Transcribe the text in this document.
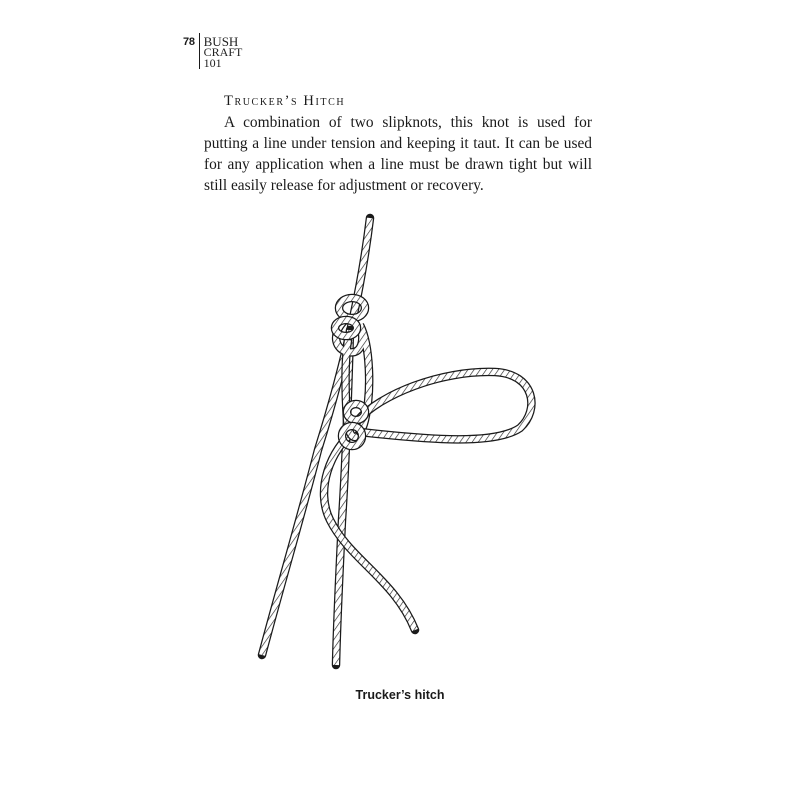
78 BUSH
CRAFT
101
Trucker’s Hitch

A combination of two slipknots, this knot is used for putting a line under tension and keeping it taut. It can be used for any application when a line must be drawn tight but will still easily release for adjustment or recovery.

Trucker’s hitch
